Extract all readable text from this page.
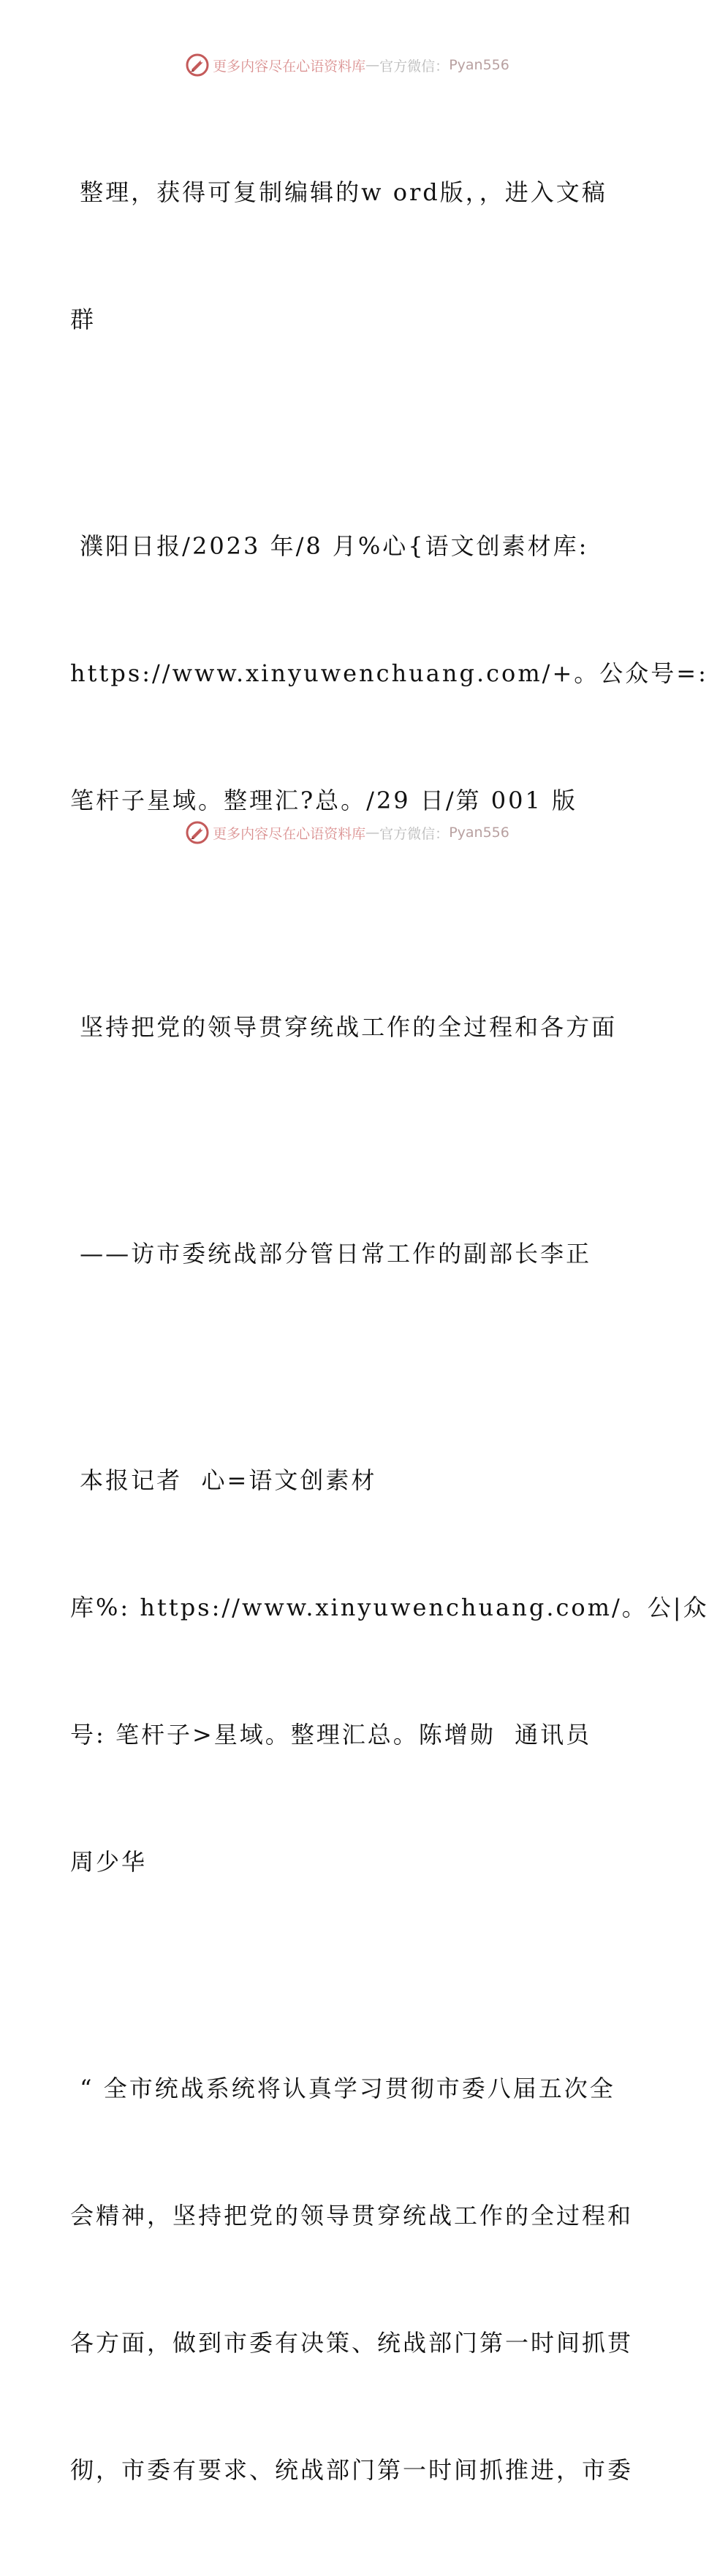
更多内容尽在心语资料库 — 官方微信： Pyan556

整理，获得可复制编辑的w ord版，，进入文稿

群

濮阳日报/2023 年/8 月%心{语文创素材库:

https://www.xinyuwenchuang.com/+。公众号=:

笔杆子星域。整理汇?总。/29 日/第 001 版

坚持把党的领导贯穿统战工作的全过程和各方面

——访市委统战部分管日常工作的副部长李正

本报记者  心=语文创素材

库%: https://www.xinyuwenchuang.com/。公|众

号: 笔杆子>星域。整理汇总。陈增勋  通讯员

周少华

“ 全市统战系统将认真学习贯彻市委八届五次全

会精神，坚持把党的领导贯穿统战工作的全过程和

各方面，做到市委有决策、统战部门第一时间抓贯

彻，市委有要求、统战部门第一时间抓推进，市委

更多内容尽在心语资料库 — 官方微信： Pyan556
